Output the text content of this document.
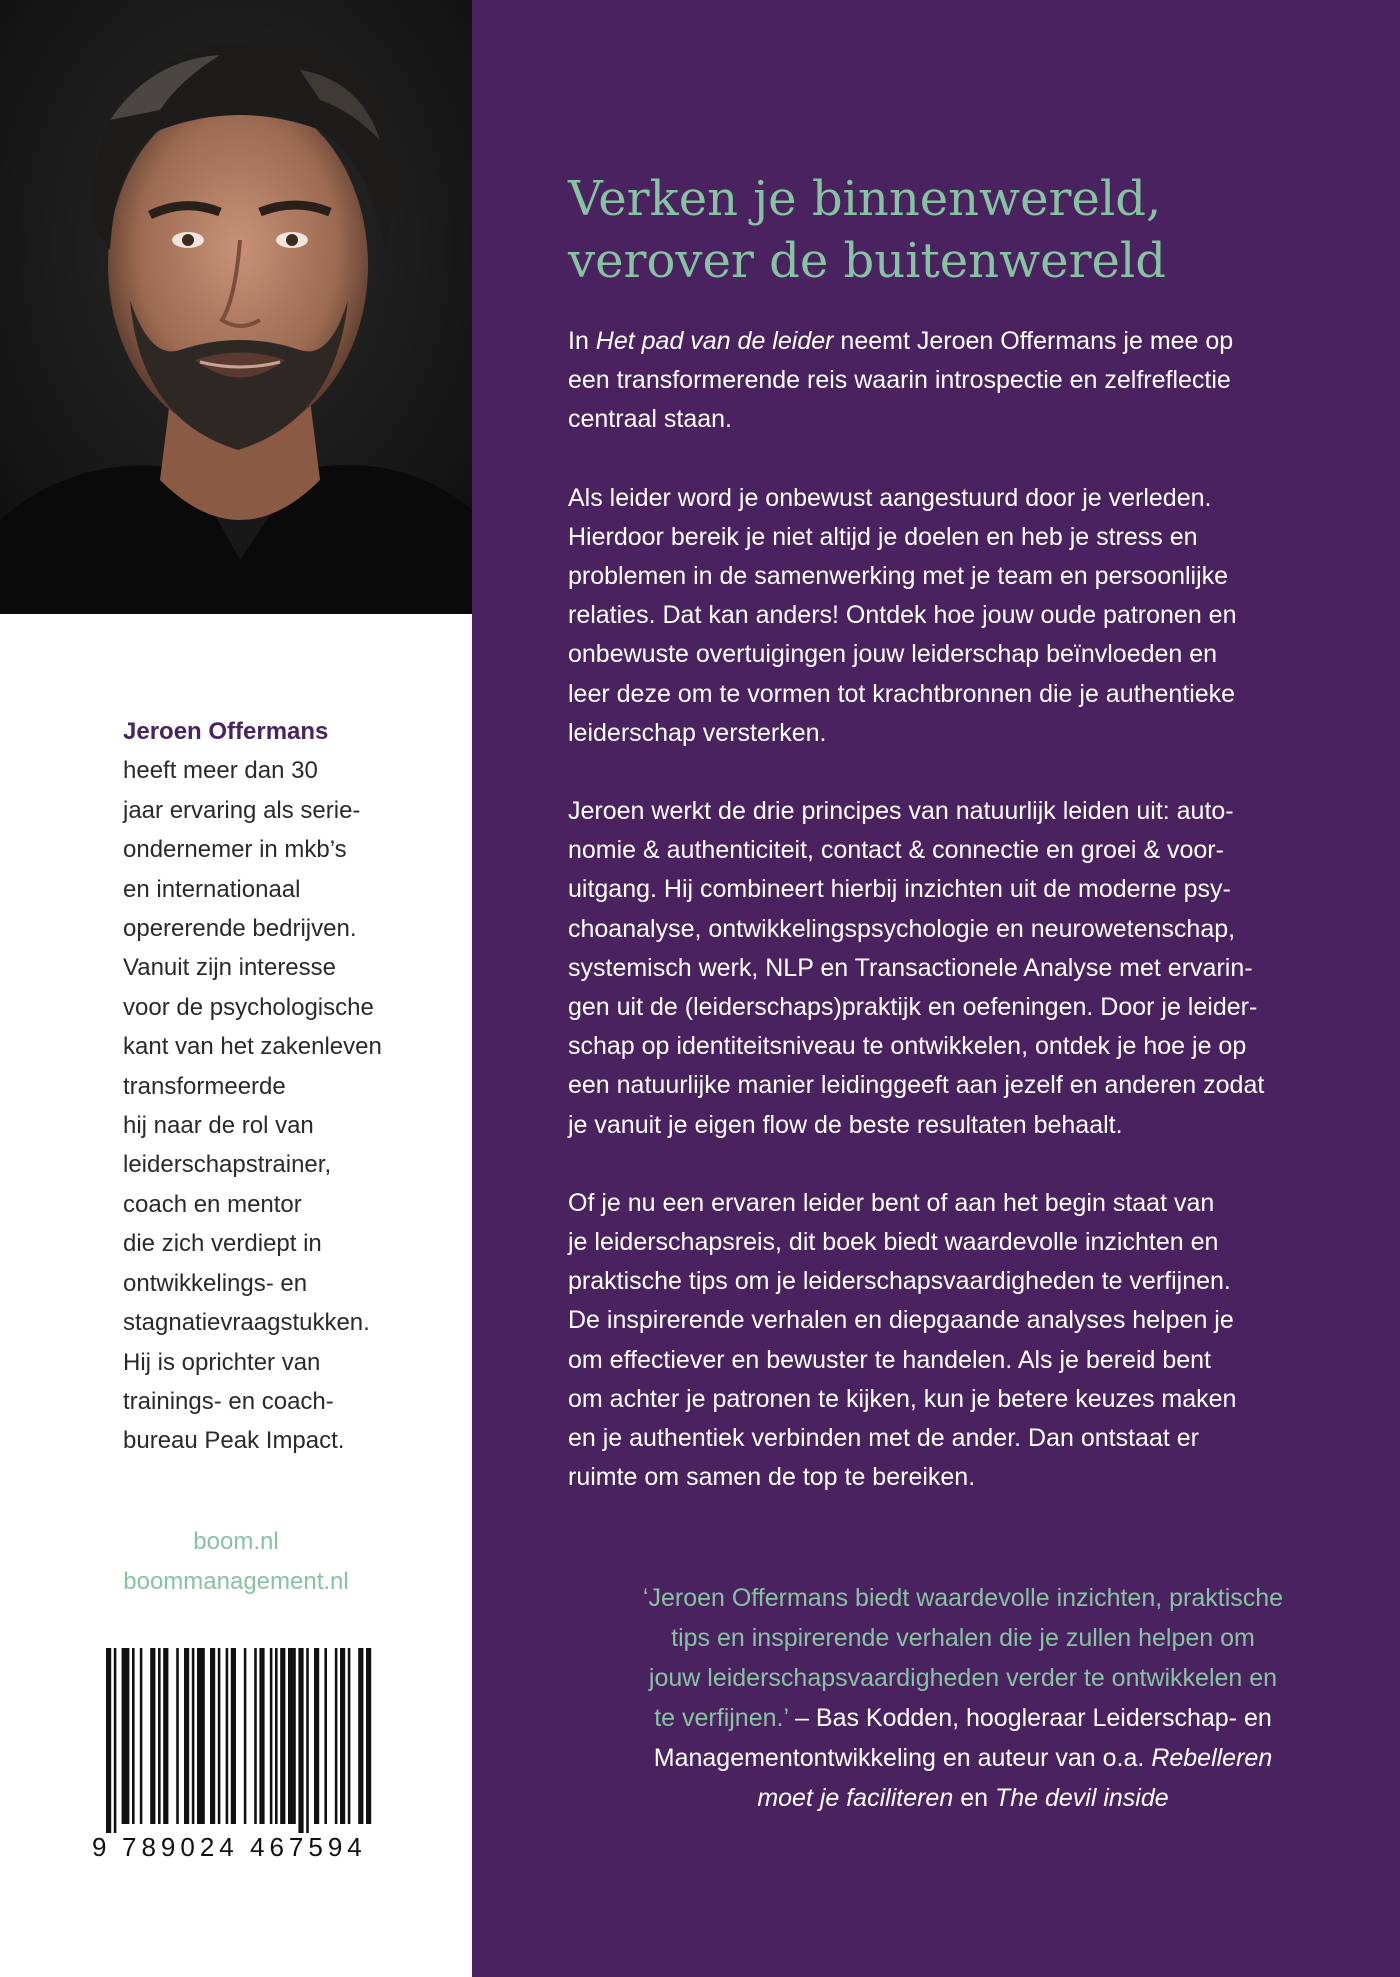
Jeroen Offermans
heeft meer dan 30
jaar ervaring als serie-
ondernemer in mkb’s
en internationaal
opererende bedrijven.
Vanuit zijn interesse
voor de psychologische
kant van het zakenleven
transformeerde
hij naar de rol van
leiderschapstrainer,
coach en mentor
die zich verdiept in
ontwikkelings- en
stagnatievraagstukken.
Hij is oprichter van
trainings- en coach-
bureau Peak Impact.
boom.nl
boommanagement.nl
9 789024 467594
Verken je binnenwereld,
verover de buitenwereld
In Het pad van de leider neemt Jeroen Offermans je mee op
een transformerende reis waarin introspectie en zelfreflectie
centraal staan.
Als leider word je onbewust aangestuurd door je verleden.
Hierdoor bereik je niet altijd je doelen en heb je stress en
problemen in de samenwerking met je team en persoonlijke
relaties. Dat kan anders! Ontdek hoe jouw oude patronen en
onbewuste overtuigingen jouw leiderschap beïnvloeden en
leer deze om te vormen tot krachtbronnen die je authentieke
leiderschap versterken.
Jeroen werkt de drie principes van natuurlijk leiden uit: auto-
nomie & authenticiteit, contact & connectie en groei & voor-
uitgang. Hij combineert hierbij inzichten uit de moderne psy-
choanalyse, ontwikkelingspsychologie en neurowetenschap,
systemisch werk, NLP en Transactionele Analyse met ervarin-
gen uit de (leiderschaps)praktijk en oefeningen. Door je leider-
schap op identiteitsniveau te ontwikkelen, ontdek je hoe je op
een natuurlijke manier leidinggeeft aan jezelf en anderen zodat
je vanuit je eigen flow de beste resultaten behaalt.
Of je nu een ervaren leider bent of aan het begin staat van
je leiderschapsreis, dit boek biedt waardevolle inzichten en
praktische tips om je leiderschapsvaardigheden te verfijnen.
De inspirerende verhalen en diepgaande analyses helpen je
om effectiever en bewuster te handelen. Als je bereid bent
om achter je patronen te kijken, kun je betere keuzes maken
en je authentiek verbinden met de ander. Dan ontstaat er
ruimte om samen de top te bereiken.
‘Jeroen Offermans biedt waardevolle inzichten, praktische
tips en inspirerende verhalen die je zullen helpen om
jouw leiderschapsvaardigheden verder te ontwikkelen en
te verfijnen.’ – Bas Kodden, hoogleraar Leiderschap- en
Managementontwikkeling en auteur van o.a. Rebelleren
moet je faciliteren en The devil inside
